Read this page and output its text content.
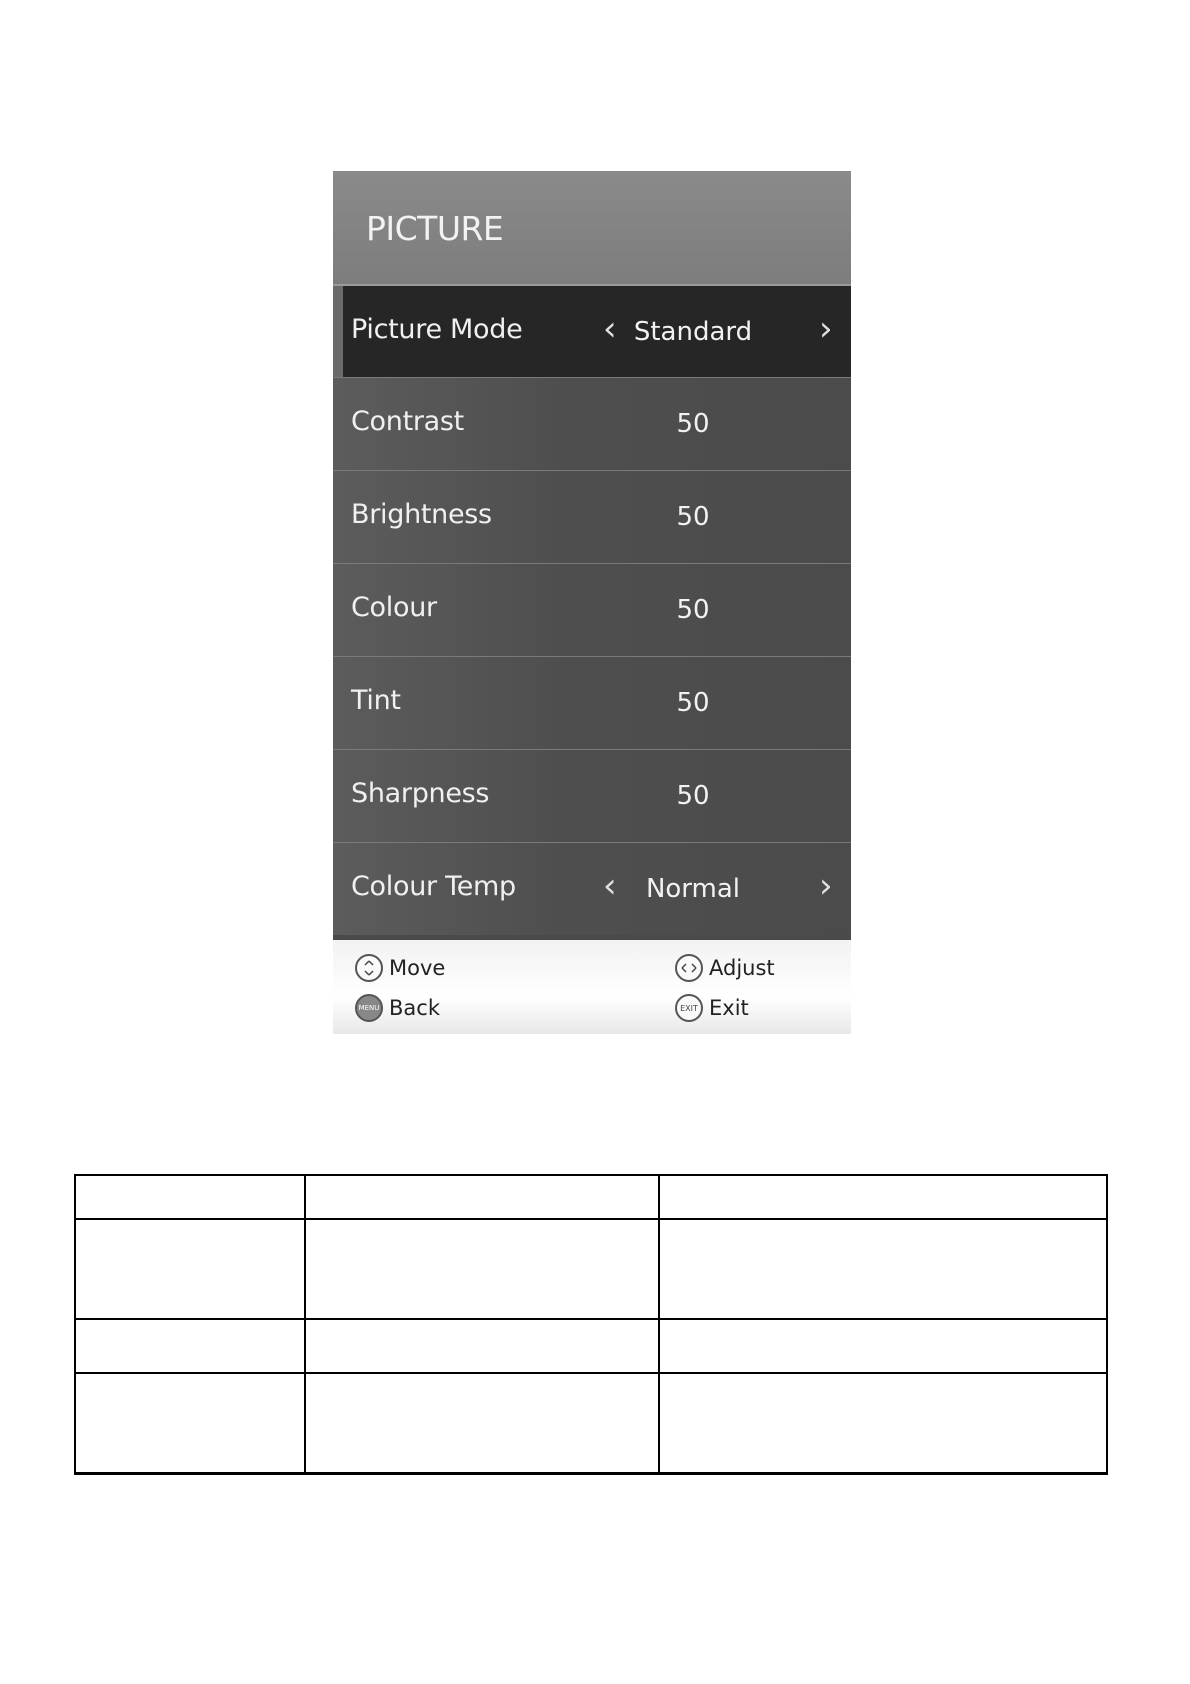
PICTURE
Picture Mode ‹ Standard	›
Contrast	50
Brightness	50
Colour	50
Tint	50
Sharpness	50
Colour Temp	‹	Normal	›
Move
MENU Back
Adjust
EXIT Exit
